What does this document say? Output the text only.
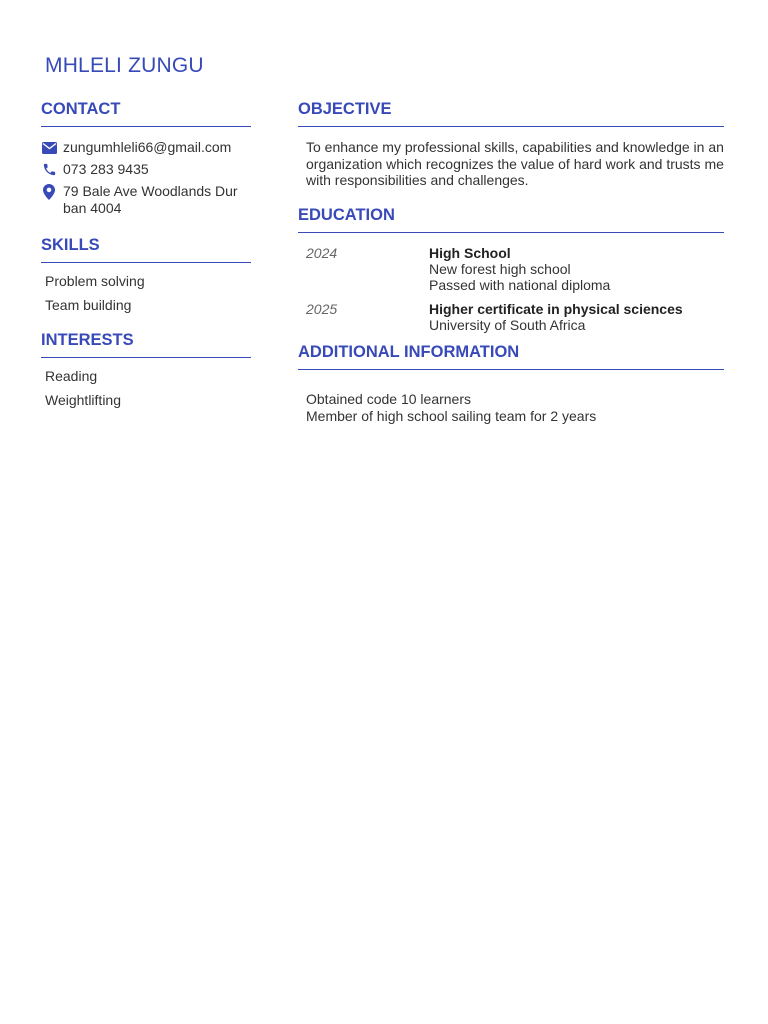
MHLELI ZUNGU
CONTACT
zungumhleli66@gmail.com
073 283 9435
79 Bale Ave Woodlands Dur
ban 4004
SKILLS
Problem solving
Team building
INTERESTS
Reading
Weightlifting
OBJECTIVE

To enhance my professional skills, capabilities and knowledge in an organization which recognizes the value of hard work and trusts me with responsibilities and challenges.

EDUCATION
2024	High School
New forest high school
Passed with national diploma
2025	Higher certificate in physical sciences
University of South Africa
ADDITIONAL INFORMATION
Obtained code 10 learners
Member of high school sailing team for 2 years
